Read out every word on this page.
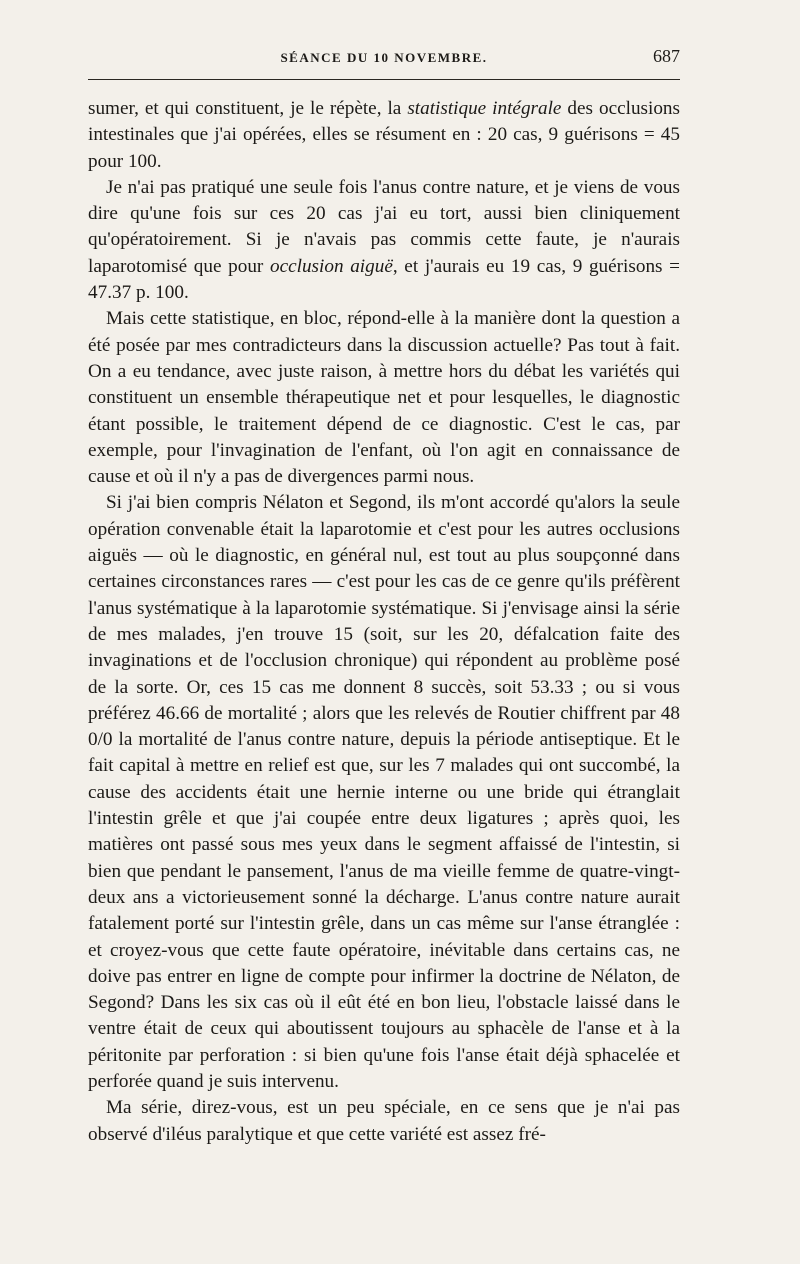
SÉANCE DU 10 NOVEMBRE.	687

sumer, et qui constituent, je le répète, la statistique intégrale des occlusions intestinales que j'ai opérées, elles se résument en : 20 cas, 9 guérisons = 45 pour 100.

Je n'ai pas pratiqué une seule fois l'anus contre nature, et je viens de vous dire qu'une fois sur ces 20 cas j'ai eu tort, aussi bien cliniquement qu'opératoirement. Si je n'avais pas commis cette faute, je n'aurais laparotomisé que pour occlusion aiguë, et j'aurais eu 19 cas, 9 guérisons = 47.37 p. 100.

Mais cette statistique, en bloc, répond-elle à la manière dont la question a été posée par mes contradicteurs dans la discussion actuelle? Pas tout à fait. On a eu tendance, avec juste raison, à mettre hors du débat les variétés qui constituent un ensemble thérapeutique net et pour lesquelles, le diagnostic étant possible, le traitement dépend de ce diagnostic. C'est le cas, par exemple, pour l'invagination de l'enfant, où l'on agit en connaissance de cause et où il n'y a pas de divergences parmi nous.

Si j'ai bien compris Nélaton et Segond, ils m'ont accordé qu'alors la seule opération convenable était la laparotomie et c'est pour les autres occlusions aiguës — où le diagnostic, en général nul, est tout au plus soupçonné dans certaines circonstances rares — c'est pour les cas de ce genre qu'ils préfèrent l'anus systématique à la laparotomie systématique. Si j'envisage ainsi la série de mes malades, j'en trouve 15 (soit, sur les 20, défalcation faite des invaginations et de l'occlusion chronique) qui répondent au problème posé de la sorte. Or, ces 15 cas me donnent 8 succès, soit 53.33 ; ou si vous préférez 46.66 de mortalité ; alors que les relevés de Routier chiffrent par 48 0/0 la mortalité de l'anus contre nature, depuis la période antiseptique. Et le fait capital à mettre en relief est que, sur les 7 malades qui ont succombé, la cause des accidents était une hernie interne ou une bride qui étranglait l'intestin grêle et que j'ai coupée entre deux ligatures ; après quoi, les matières ont passé sous mes yeux dans le segment affaissé de l'intestin, si bien que pendant le pansement, l'anus de ma vieille femme de quatre-vingt-deux ans a victorieusement sonné la décharge. L'anus contre nature aurait fatalement porté sur l'intestin grêle, dans un cas même sur l'anse étranglée : et croyez-vous que cette faute opératoire, inévitable dans certains cas, ne doive pas entrer en ligne de compte pour infirmer la doctrine de Nélaton, de Segond? Dans les six cas où il eût été en bon lieu, l'obstacle laissé dans le ventre était de ceux qui aboutissent toujours au sphacèle de l'anse et à la péritonite par perforation : si bien qu'une fois l'anse était déjà sphacelée et perforée quand je suis intervenu.

Ma série, direz-vous, est un peu spéciale, en ce sens que je n'ai pas observé d'iléus paralytique et que cette variété est assez fré-
